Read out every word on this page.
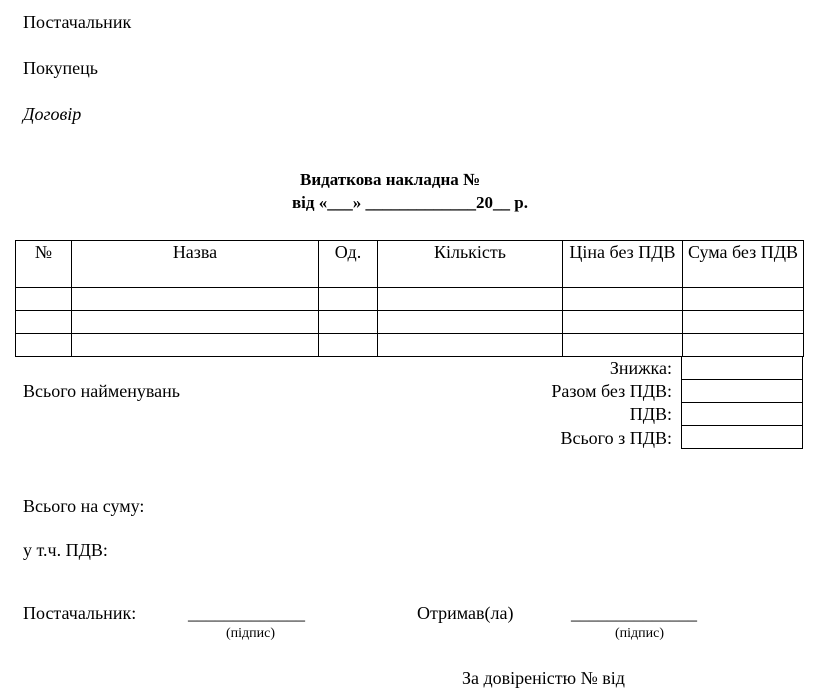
Постачальник
Покупець
Договір
Видаткова накладна №
від «___» _____________20__ р.
№	Назва	Од.	Кількість	Ціна без ПДВ	Сума без ПДВ

Всього найменувань
Знижка:
Разом без ПДВ:
ПДВ:
Всього з ПДВ:

Всього на суму:
у т.ч. ПДВ:
Постачальник:	_____________
(підпис)
Отримав(ла)	______________
(підпис)
За довіреністю № від
